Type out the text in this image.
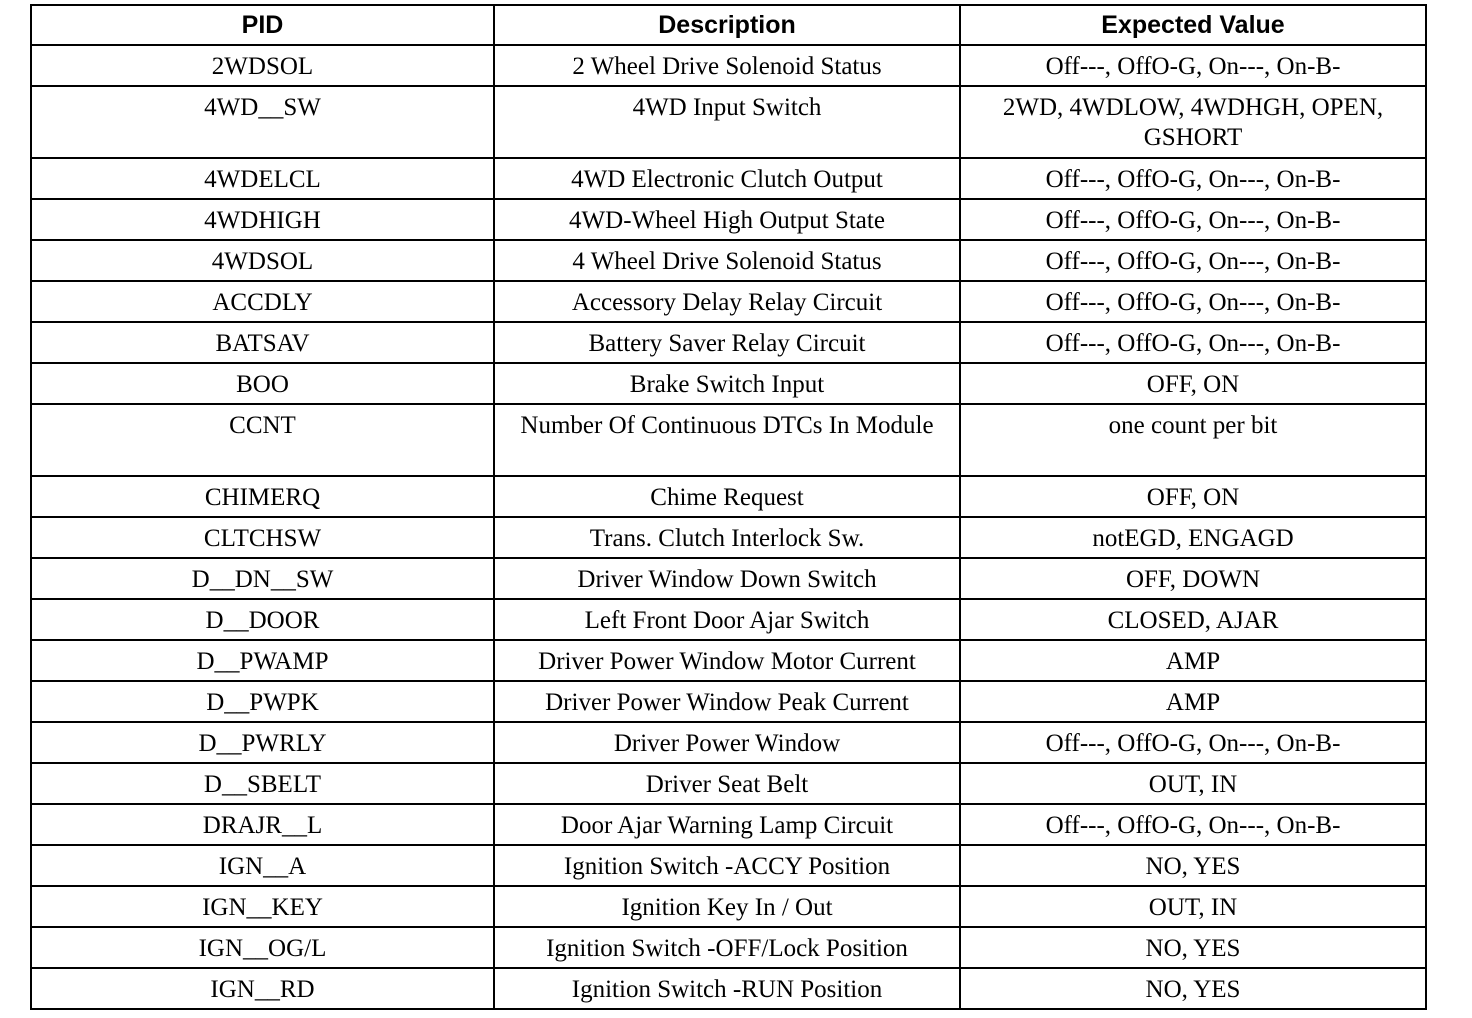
PID	Description	Expected Value
2WDSOL	2 Wheel Drive Solenoid Status	Off---, OffO-G, On---, On-B-
4WD__SW	4WD Input Switch	2WD, 4WDLOW, 4WDHGH, OPEN, GSHORT
4WDELCL	4WD Electronic Clutch Output	Off---, OffO-G, On---, On-B-
4WDHIGH	4WD-Wheel High Output State	Off---, OffO-G, On---, On-B-
4WDSOL	4 Wheel Drive Solenoid Status	Off---, OffO-G, On---, On-B-
ACCDLY	Accessory Delay Relay Circuit	Off---, OffO-G, On---, On-B-
BATSAV	Battery Saver Relay Circuit	Off---, OffO-G, On---, On-B-
BOO	Brake Switch Input	OFF, ON
CCNT	Number Of Continuous DTCs In Module	one count per bit
CHIMERQ	Chime Request	OFF, ON
CLTCHSW	Trans. Clutch Interlock Sw.	notEGD, ENGAGD
D__DN__SW	Driver Window Down Switch	OFF, DOWN
D__DOOR	Left Front Door Ajar Switch	CLOSED, AJAR
D__PWAMP	Driver Power Window Motor Current	AMP
D__PWPK	Driver Power Window Peak Current	AMP
D__PWRLY	Driver Power Window	Off---, OffO-G, On---, On-B-
D__SBELT	Driver Seat Belt	OUT, IN
DRAJR__L	Door Ajar Warning Lamp Circuit	Off---, OffO-G, On---, On-B-
IGN__A	Ignition Switch -ACCY Position	NO, YES
IGN__KEY	Ignition Key In / Out	OUT, IN
IGN__OG/L	Ignition Switch -OFF/Lock Position	NO, YES
IGN__RD	Ignition Switch -RUN Position	NO, YES
